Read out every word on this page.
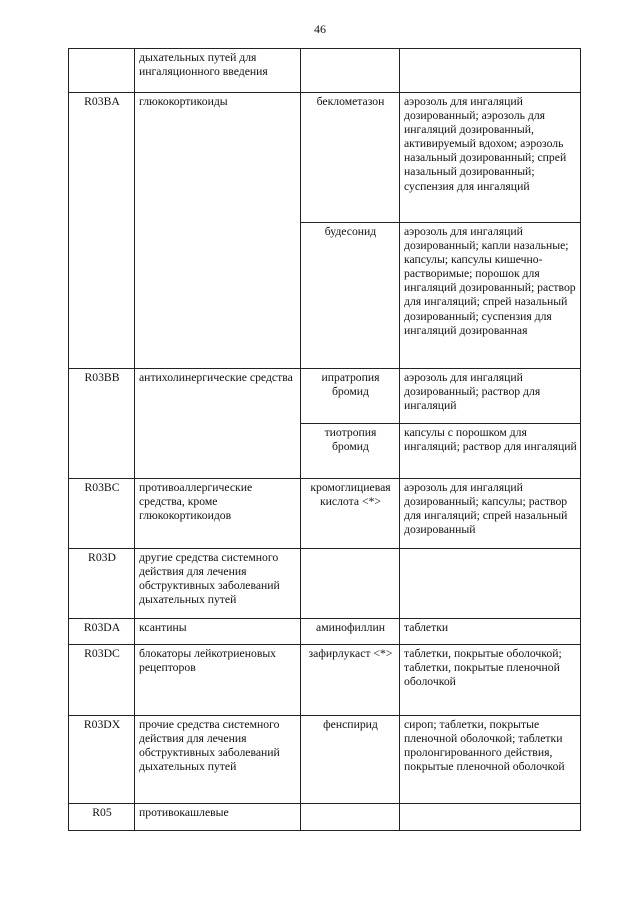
46
	дыхательных путей для ингаляционного введения		
R03BA	глюкокортикоиды	беклометазон	аэрозоль для ингаляций дозированный; аэрозоль для ингаляций дозированный, активируемый вдохом; аэрозоль назальный дозированный; спрей назальный дозированный; суспензия для ингаляций
		будесонид	аэрозоль для ингаляций дозированный; капли назальные; капсулы; капсулы кишечно-растворимые; порошок для ингаляций дозированный; раствор для ингаляций; спрей назальный дозированный; суспензия для ингаляций дозированная
R03BB	антихолинергические средства	ипратропия бромид	аэрозоль для ингаляций дозированный; раствор для ингаляций
		тиотропия бромид	капсулы с порошком для ингаляций; раствор для ингаляций
R03BC	противоаллергические средства, кроме глюкокортикоидов	кромоглициевая кислота <*>	аэрозоль для ингаляций дозированный; капсулы; раствор для ингаляций; спрей назальный дозированный
R03D	другие средства системного действия для лечения обструктивных заболеваний дыхательных путей		
R03DA	ксантины	аминофиллин	таблетки
R03DC	блокаторы лейкотриеновых рецепторов	зафирлукаст <*>	таблетки, покрытые оболочкой; таблетки, покрытые пленочной оболочкой
R03DX	прочие средства системного действия для лечения обструктивных заболеваний дыхательных путей	фенспирид	сироп; таблетки, покрытые пленочной оболочкой; таблетки пролонгированного действия, покрытые пленочной оболочкой
R05	противокашлевые		
